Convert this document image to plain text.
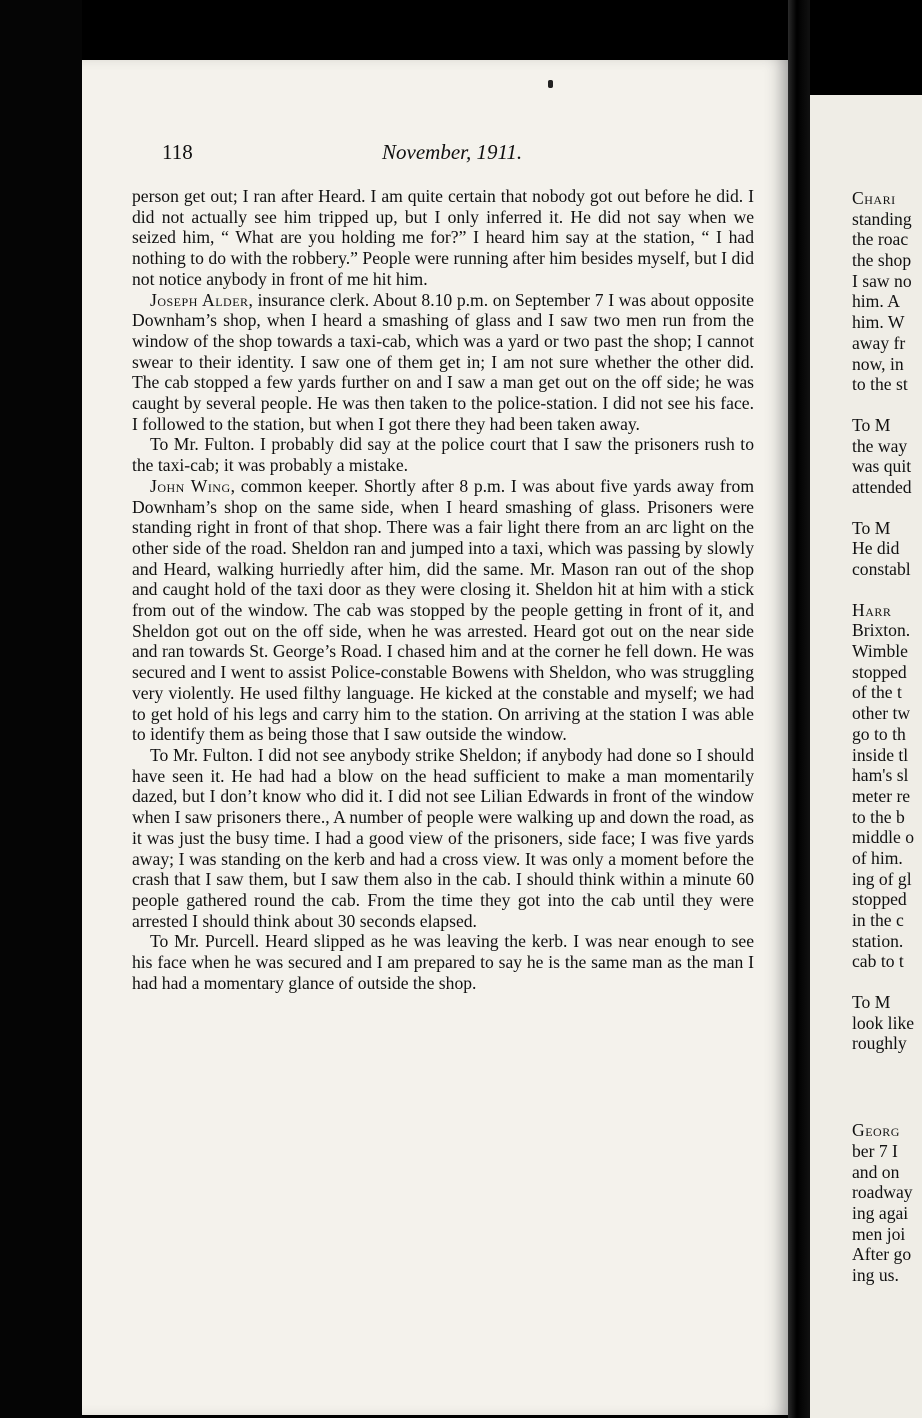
118	November, 1911.

person get out; I ran after Heard. I am quite certain that nobody got out before he did. I did not actually see him tripped up, but I only inferred it. He did not say when we seized him, “ What are you holding me for?” I heard him say at the station, “ I had nothing to do with the robbery.” People were running after him besides myself, but I did not notice anybody in front of me hit him.

Joseph Alder, insurance clerk. About 8.10 p.m. on September 7 I was about opposite Downham’s shop, when I heard a smashing of glass and I saw two men run from the window of the shop towards a taxi-cab, which was a yard or two past the shop; I cannot swear to their identity. I saw one of them get in; I am not sure whether the other did. The cab stopped a few yards further on and I saw a man get out on the off side; he was caught by several people. He was then taken to the police-station. I did not see his face. I followed to the station, but when I got there they had been taken away.

To Mr. Fulton. I probably did say at the police court that I saw the prisoners rush to the taxi-cab; it was probably a mistake.

John Wing, common keeper. Shortly after 8 p.m. I was about five yards away from Downham’s shop on the same side, when I heard smashing of glass. Prisoners were standing right in front of that shop. There was a fair light there from an arc light on the other side of the road. Sheldon ran and jumped into a taxi, which was passing by slowly and Heard, walking hurriedly after him, did the same. Mr. Mason ran out of the shop and caught hold of the taxi door as they were closing it. Sheldon hit at him with a stick from out of the window. The cab was stopped by the people getting in front of it, and Sheldon got out on the off side, when he was arrested. Heard got out on the near side and ran towards St. George’s Road. I chased him and at the corner he fell down. He was secured and I went to assist Police-constable Bowens with Sheldon, who was struggling very violently. He used filthy language. He kicked at the constable and myself; we had to get hold of his legs and carry him to the station. On arriving at the station I was able to identify them as being those that I saw outside the window.

To Mr. Fulton. I did not see anybody strike Sheldon; if anybody had done so I should have seen it. He had had a blow on the head sufficient to make a man momentarily dazed, but I don’t know who did it. I did not see Lilian Edwards in front of the window when I saw prisoners there., A number of people were walking up and down the road, as it was just the busy time. I had a good view of the prisoners, side face; I was five yards away; I was standing on the kerb and had a cross view. It was only a moment before the crash that I saw them, but I saw them also in the cab. I should think within a minute 60 people gathered round the cab. From the time they got into the cab until they were arrested I should think about 30 seconds elapsed.

To Mr. Purcell. Heard slipped as he was leaving the kerb. I was near enough to see his face when he was secured and I am prepared to say he is the same man as the man I had had a momentary glance of outside the shop.

Chari
standing
the roac
the shop
I saw no
him. A
him. W
away fr
now, in
to the st
To M
the way
was quit
attended
To M
He did
constabl
Harr
Brixton.
Wimble
stopped
of the t
other tw
go to th
inside tl
ham's sl
meter re
to the b
middle o
of him.
ing of gl
stopped
in the c
station.
cab to t
To M
look like
roughly
Georg
ber 7 I
and on
roadway
ing agai
men joi
After go
ing us.
